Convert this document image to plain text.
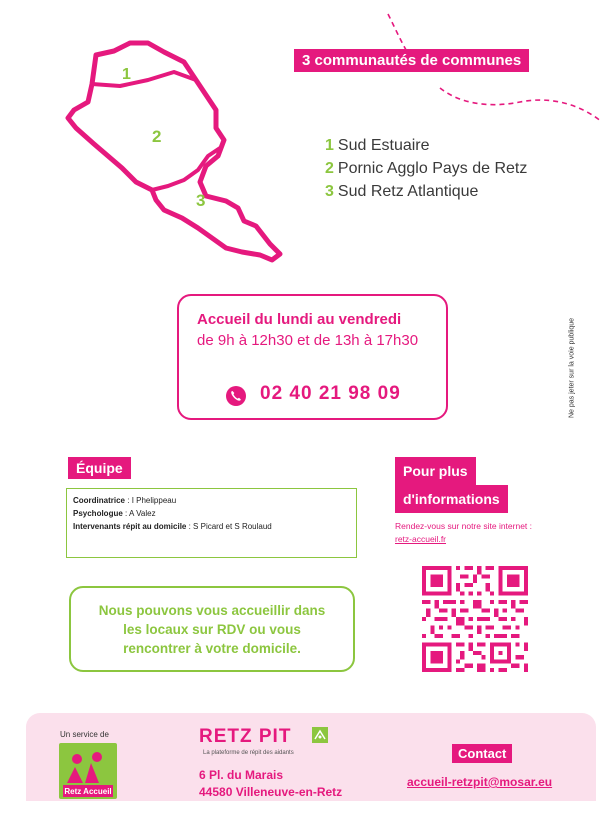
1
2
3
3 communautés de communes
1 Sud Estuaire
2 Pornic Agglo Pays de Retz
3 Sud Retz Atlantique
Accueil du lundi au vendredi
de 9h à 12h30 et de 13h à 17h30
02 40 21 98 09	Ne pas jeter sur la voie publique
Équipe
Coordinatrice : I Phelippeau
Psychologue : A Valez
Intervenants répit au domicile : S Picard et S Roulaud
Pour plus
d'informations
Rendez-vous sur notre site internet :
retz-accueil.fr
Nous pouvons vous accueillir dans les locaux sur RDV ou vous rencontrer à votre domicile.
Un service de
Retz Accueil
RETZ PIT
La plateforme de répit des aidants
6 Pl. du Marais
44580 Villeneuve-en-Retz
Contact
accueil-retzpit@mosar.eu
